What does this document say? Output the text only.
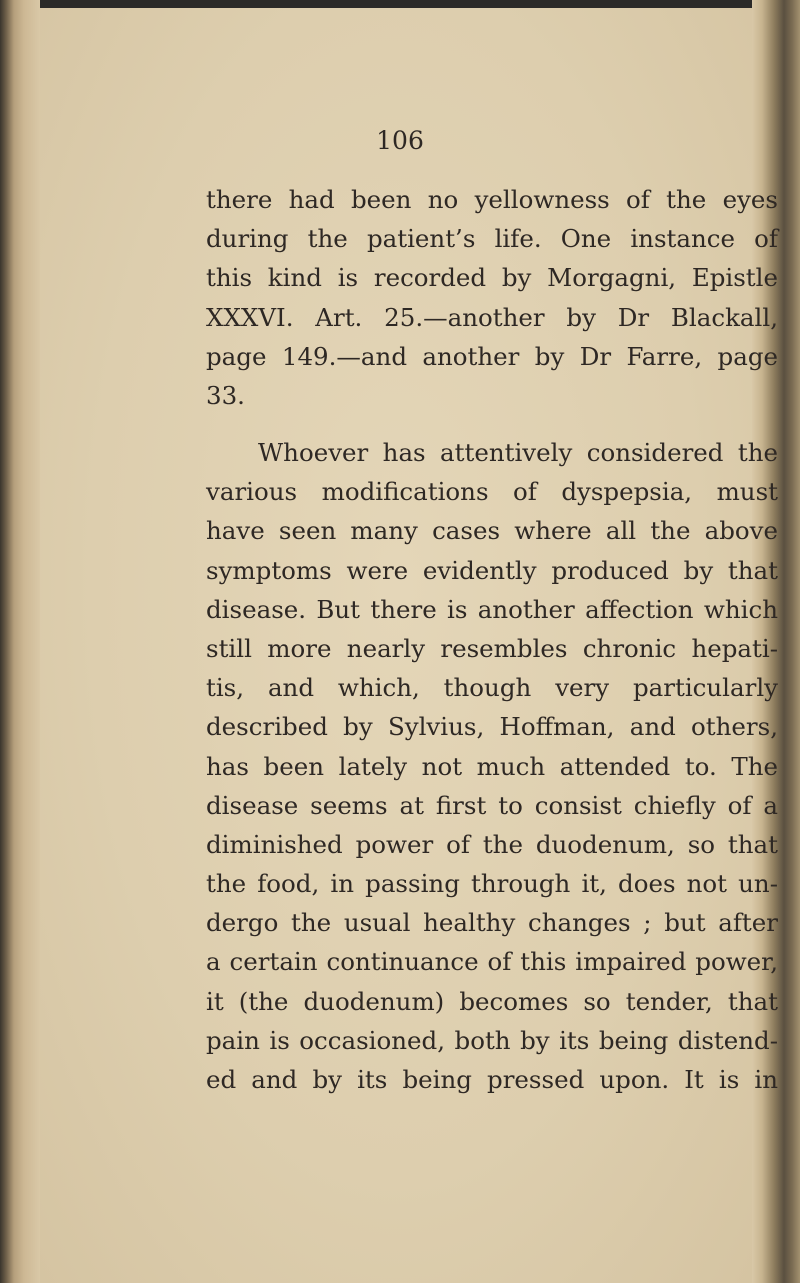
106
there had been no yellowness of the eyes
during the patient’s life. One instance of
this kind is recorded by Morgagni, Epistle
XXXVI. Art. 25.—another by Dr Blackall,
page 149.—and another by Dr Farre, page
33.
Whoever has attentively considered the
various modifications of dyspepsia, must
have seen many cases where all the above
symptoms were evidently produced by that
disease. But there is another affection which
still more nearly resembles chronic hepati-
tis, and which, though very particularly
described by Sylvius, Hoffman, and others,
has been lately not much attended to. The
disease seems at first to consist chiefly of a
diminished power of the duodenum, so that
the food, in passing through it, does not un-
dergo the usual healthy changes ; but after
a certain continuance of this impaired power,
it (the duodenum) becomes so tender, that
pain is occasioned, both by its being distend-
ed and by its being pressed upon. It is in
